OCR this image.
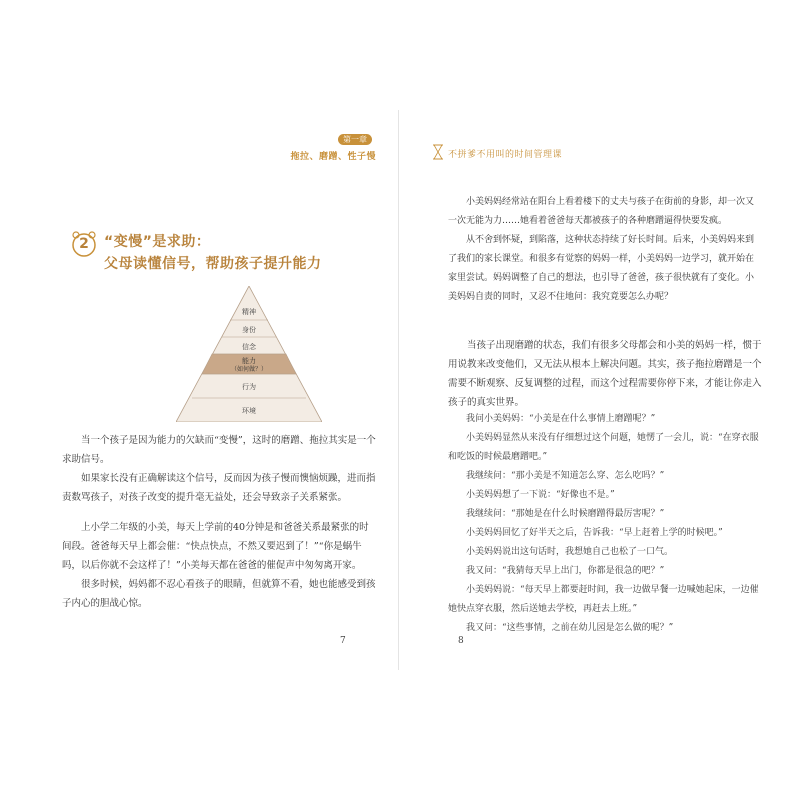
第一章
拖拉、磨蹭、性子慢
2	“变慢”是求助：
父母读懂信号，帮助孩子提升能力
精神
身份
信念
能力
（如何做？）
行为
环境

当一个孩子是因为能力的欠缺而“变慢”，这时的磨蹭、拖拉其实是一个求助信号。

如果家长没有正确解读这个信号，反而因为孩子慢而懊恼烦躁，进而指责数骂孩子，对孩子改变的提升毫无益处，还会导致亲子关系紧张。

上小学二年级的小美，每天上学前的40分钟是和爸爸关系最紧张的时间段。爸爸每天早上都会催：“快点快点，不然又要迟到了！”“你是蜗牛吗，以后你就不会这样了！”小美每天都在爸爸的催促声中匆匆离开家。

很多时候，妈妈都不忍心看孩子的眼睛，但就算不看，她也能感受到孩子内心的胆战心惊。

7
不拼爹不用叫的时间管理课

小美妈妈经常站在阳台上看着楼下的丈夫与孩子在街前的身影，却一次又一次无能为力……她看着爸爸每天都被孩子的各种磨蹭逼得快要发疯。

从不舍到怀疑，到陷落，这种状态持续了好长时间。后来，小美妈妈来到了我们的家长课堂。和很多有觉察的妈妈一样，小美妈妈一边学习，就开始在家里尝试。妈妈调整了自己的想法，也引导了爸爸，孩子很快就有了变化。小美妈妈自责的同时，又忍不住地问：我究竟要怎么办呢？

当孩子出现磨蹭的状态，我们有很多父母都会和小美的妈妈一样，惯于用说教来改变他们，又无法从根本上解决问题。其实，孩子拖拉磨蹭是一个需要不断观察、反复调整的过程，而这个过程需要你停下来，才能让你走入孩子的真实世界。

我问小美妈妈：“小美是在什么事情上磨蹭呢？”

小美妈妈显然从来没有仔细想过这个问题，她愣了一会儿，说：“在穿衣服和吃饭的时候最磨蹭吧。”

我继续问：“那小美是不知道怎么穿、怎么吃吗？”

小美妈妈想了一下说：“好像也不是。”

我继续问：“那她是在什么时候磨蹭得最厉害呢？”

小美妈妈回忆了好半天之后，告诉我：“早上赶着上学的时候吧。”

小美妈妈说出这句话时，我想她自己也松了一口气。

我又问：“我猜每天早上出门，你都是很急的吧？”

小美妈妈说：“每天早上都要赶时间，我一边做早餐一边喊她起床，一边催她快点穿衣服，然后送她去学校，再赶去上班。”

我又问：“这些事情，之前在幼儿园是怎么做的呢？”

8
